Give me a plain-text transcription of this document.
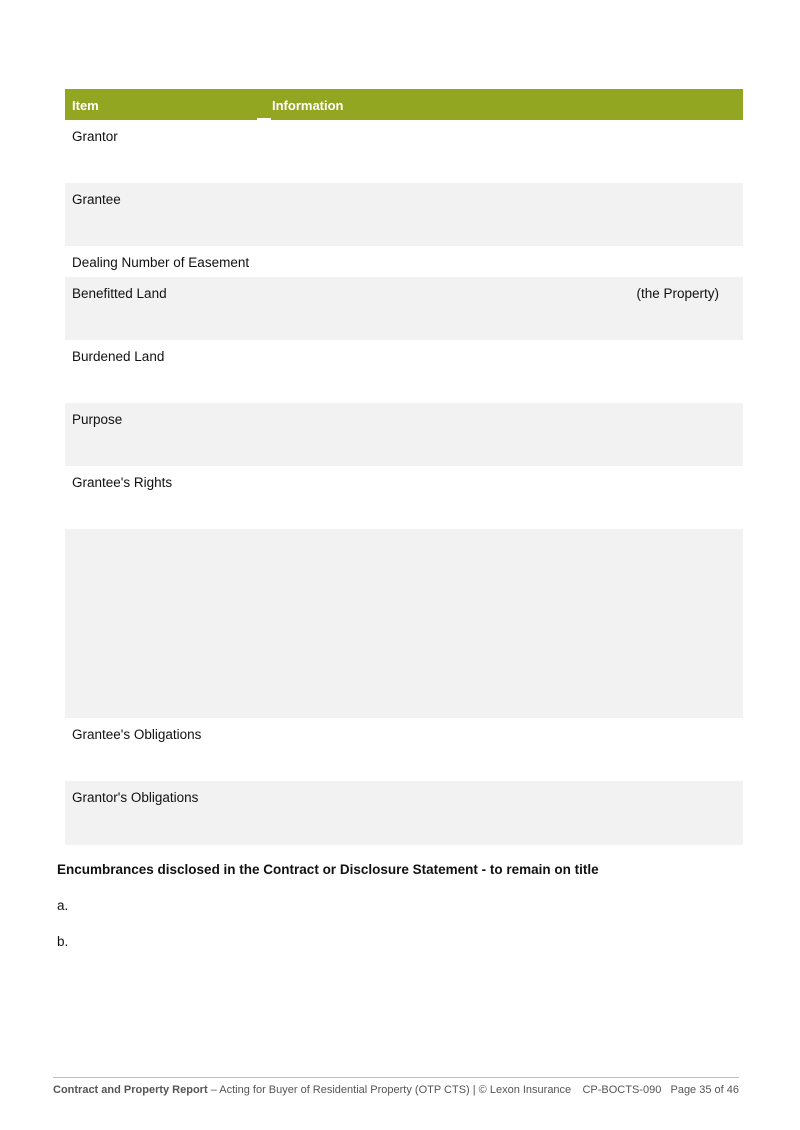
Item	Information
Grantor
Grantee
Dealing Number of Easement
Benefitted Land	(the Property)
Burdened Land
Purpose
Grantee's Rights
Grantee's Obligations
Grantor's Obligations
Encumbrances disclosed in the Contract or Disclosure Statement - to remain on title
a.
b.
Contract and Property Report – Acting for Buyer of Residential Property (OTP CTS) | © Lexon Insurance CP-BOCTS-090 Page 35 of 46
